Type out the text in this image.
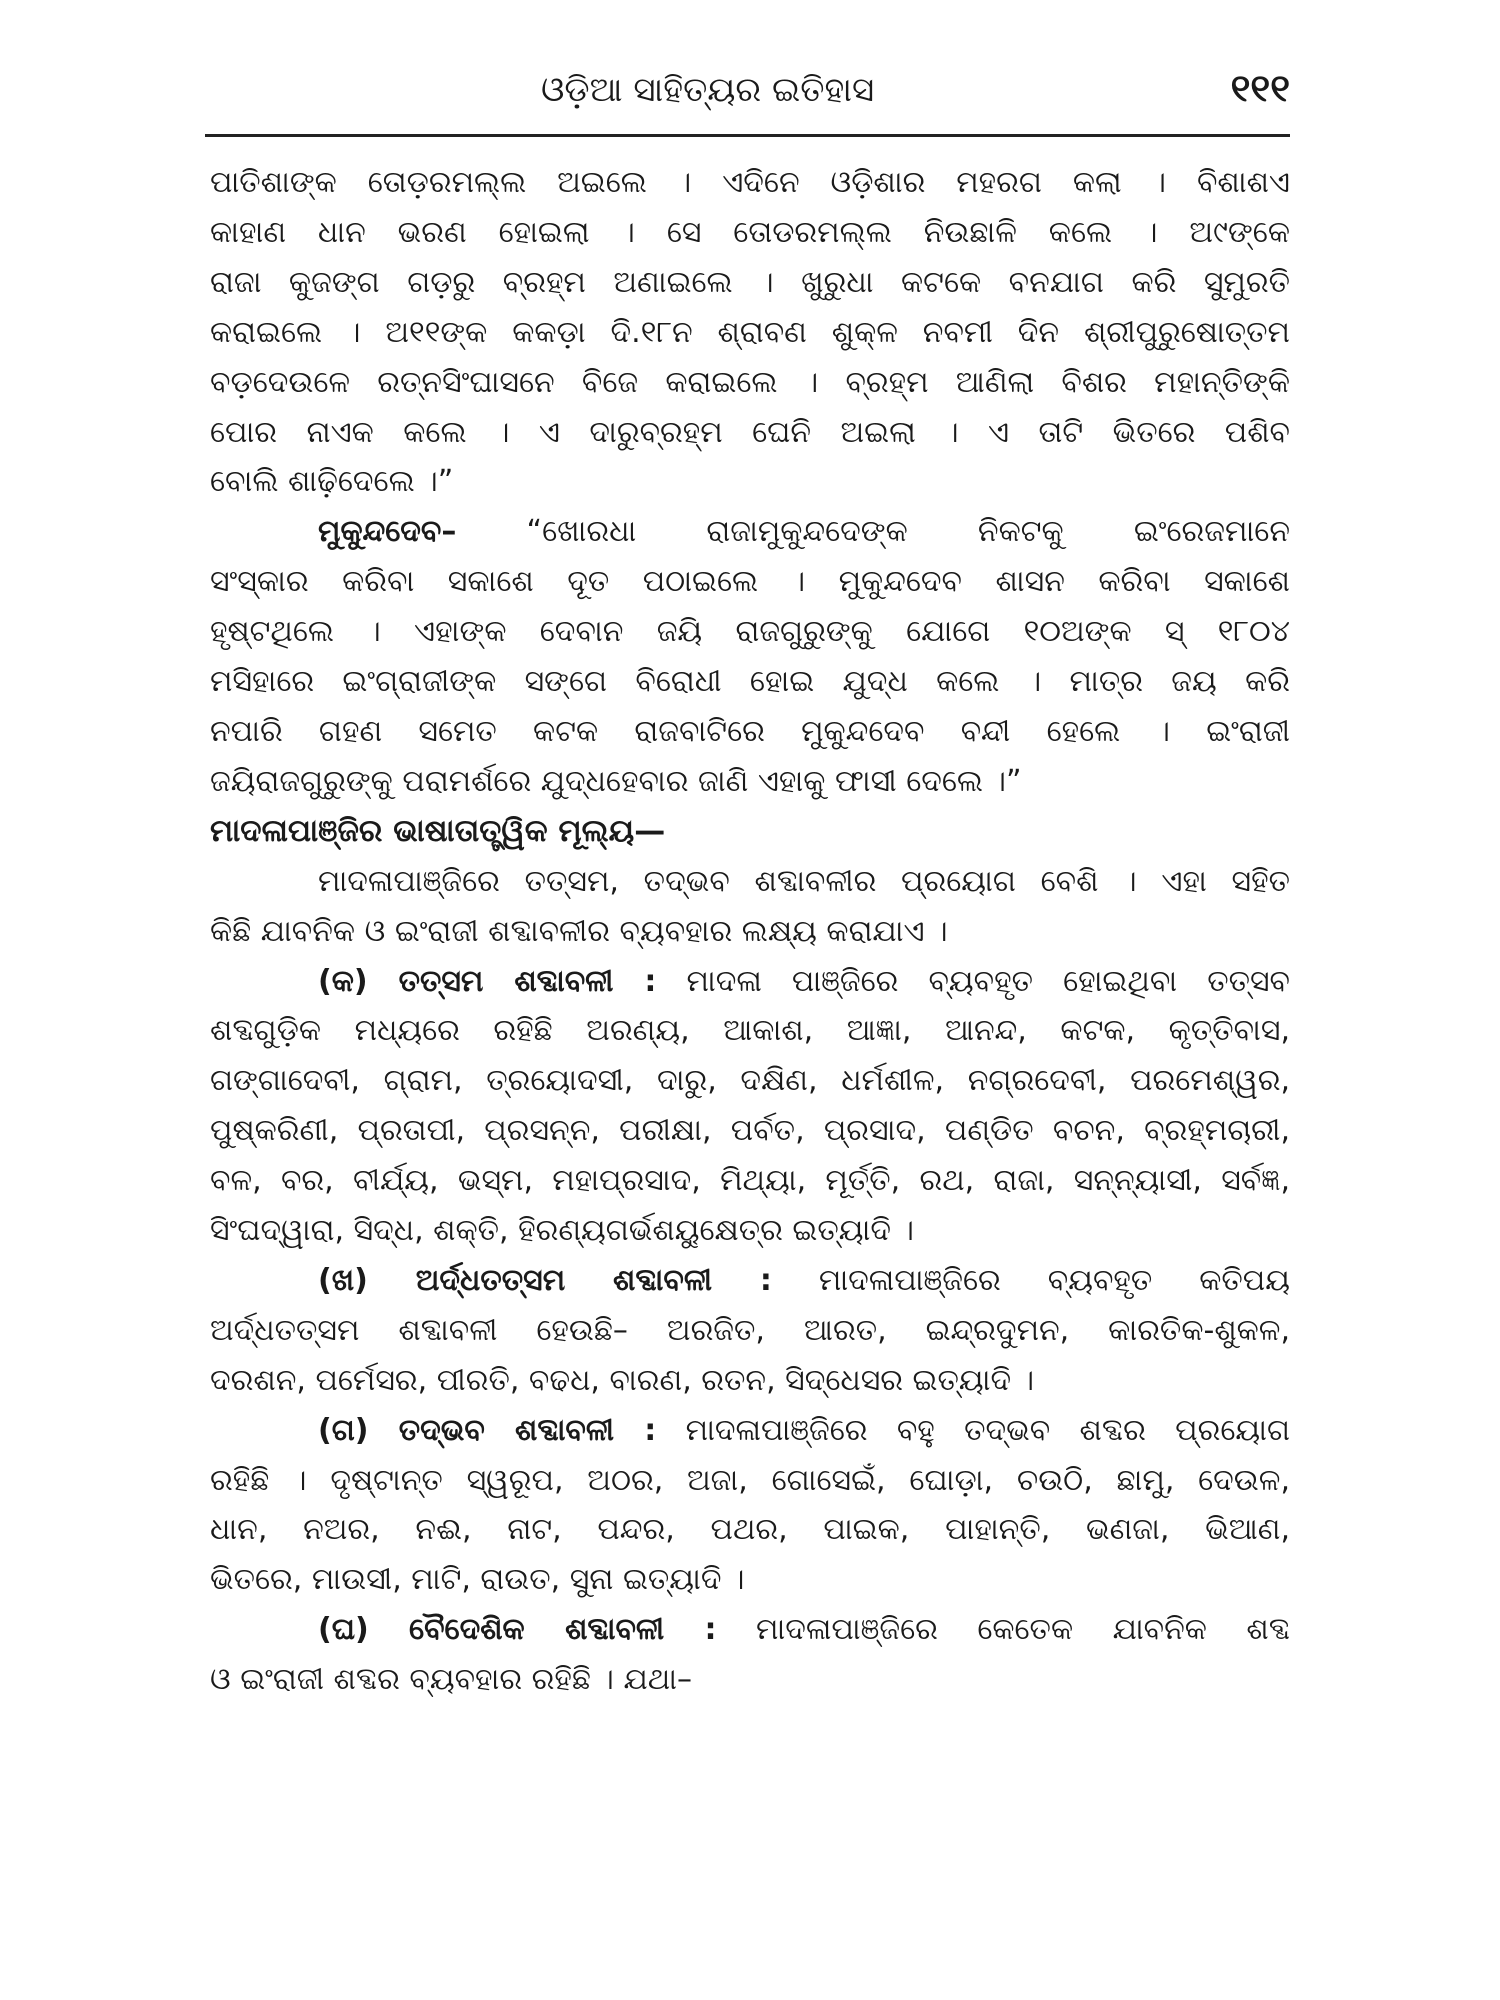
ଓଡ଼ିଆ ସାହିତ୍ୟର ଇତିହାସ	୧୧୧
ପାତିଶାଙ୍କ ତୋଡ଼ରମଲ୍ଲ ଅଇଲେ । ଏଦିନେ ଓଡ଼ିଶାର ମହରଗ କଲା । ବିଶାଶଏ
କାହାଣ ଧାନ ଭରଣ ହୋଇଲା । ସେ ତୋଡରମଲ୍ଲ ନିଉଛାଳି କଲେ । ଅ୯ଙ୍କେ
ରାଜା କୁଜଙ୍ଗ ଗଡ଼ରୁ ବ୍ରହ୍ମ ଅଣାଇଲେ । ଖୁରୁଧା କଟକେ ବନଯାଗ କରି ସୁମୁରତି
କରାଇଲେ । ଅ୧୧ଙ୍କ କକଡ଼ା ଦି.୧୮ନ ଶ୍ରାବଣ ଶୁକ୍ଳ ନବମୀ ଦିନ ଶ୍ରୀପୁରୁଷୋତ୍ତମ
ବଡ଼ଦେଉଳେ ରତ୍ନସିଂଘାସନେ ବିଜେ କରାଇଲେ । ବ୍ରହ୍ମ ଆଣିଲା ବିଶର ମହାନ୍ତିଙ୍କି
ପୋର ନାଏକ କଲେ । ଏ ଦାରୁବ୍ରହ୍ମ ଘେନି ଅଇଲା । ଏ ତାଟି ଭିତରେ ପଶିବ
ବୋଲି ଶାଢ଼ିଦେଲେ ।”
ମୁକୁନ୍ଦଦେବ– “ଖୋରଧା ରାଜାମୁକୁନ୍ଦଦେଙ୍କ ନିକଟକୁ ଇଂରେଜମାନେ
ସଂସ୍କାର କରିବା ସକାଶେ ଦୂତ ପଠାଇଲେ । ମୁକୁନ୍ଦଦେବ ଶାସନ କରିବା ସକାଶେ
ହୃଷ୍ଟଥିଲେ । ଏହାଙ୍କ ଦେବାନ ଜୟି ରାଜଗୁରୁଙ୍କୁ ଯୋଗେ ୧୦ଅଙ୍କ ସ୍ ୧୮୦୪
ମସିହାରେ ଇଂଗ୍ରାଜୀଙ୍କ ସଙ୍ଗେ ବିରୋଧୀ ହୋଇ ଯୁଦ୍ଧ କଲେ । ମାତ୍ର ଜୟ କରି
ନପାରି ଗହଣ ସମେତ କଟକ ରାଜବାଟିରେ ମୁକୁନ୍ଦଦେବ ବନ୍ଦୀ ହେଲେ । ଇଂରାଜୀ
ଜୟିରାଜଗୁରୁଙ୍କୁ ପରାମର୍ଶରେ ଯୁଦ୍ଧହେବାର ଜାଣି ଏହାକୁ ଫାସୀ ଦେଲେ ।”
ମାଦଳାପାଞ୍ଜିର ଭାଷାତାତ୍ତ୍ୱିକ ମୂଲ୍ୟ—
ମାଦଳାପାଞ୍ଜିରେ ତତ୍ସମ, ତଦ୍ଭବ ଶବ୍ଦାବଳୀର ପ୍ରୟୋଗ ବେଶି । ଏହା ସହିତ
କିଛି ଯାବନିକ ଓ ଇଂରାଜୀ ଶବ୍ଦାବଳୀର ବ୍ୟବହାର ଲକ୍ଷ୍ୟ କରାଯାଏ ।
(କ) ତତ୍ସମ ଶବ୍ଦାବଳୀ : ମାଦଳା ପାଞ୍ଜିରେ ବ୍ୟବହୃତ ହୋଇଥିବା ତତ୍ସବ
ଶବ୍ଦଗୁଡ଼ିକ ମଧ୍ୟରେ ରହିଛି ଅରଣ୍ୟ, ଆକାଶ, ଆଜ୍ଞା, ଆନନ୍ଦ, କଟକ, କୃତ୍ତିବାସ,
ଗଙ୍ଗାଦେବୀ, ଗ୍ରାମ, ତ୍ରୟୋଦସୀ, ଦାରୁ, ଦକ୍ଷିଣ, ଧର୍ମଶୀଳ, ନଗ୍ରଦେବୀ, ପରମେଶ୍ୱର,
ପୁଷ୍କରିଣୀ, ପ୍ରତାପୀ, ପ୍ରସନ୍ନ, ପରୀକ୍ଷା, ପର୍ବତ, ପ୍ରସାଦ, ପଣ୍ଡିତ ବଚନ, ବ୍ରହ୍ମଚାରୀ,
ବଳ, ବର, ବୀର୍ଯ୍ୟ, ଭସ୍ମ, ମହାପ୍ରସାଦ, ମିଥ୍ୟା, ମୂର୍ତ୍ତି, ରଥ, ରାଜା, ସନ୍ନ୍ୟାସୀ, ସର୍ବଜ୍ଞ,
ସିଂଘଦ୍ୱାରା, ସିଦ୍ଧ, ଶକ୍ତି, ହିରଣ୍ୟଗର୍ଭଶୟୁକ୍ଷେତ୍ର ଇତ୍ୟାଦି ।
(ଖ) ଅର୍ଦ୍ଧତତ୍ସମ ଶବ୍ଦାବଳୀ : ମାଦଳାପାଞ୍ଜିରେ ବ୍ୟବହୃତ କତିପୟ
ଅର୍ଦ୍ଧତତ୍ସମ ଶବ୍ଦାବଳୀ ହେଉଛି– ଅରଜିତ, ଆରତ, ଇନ୍ଦ୍ରଦୁମନ, କାରତିକ-ଶୁକଳ,
ଦରଶନ, ପର୍ମେସର, ପୀରତି, ବଢଧ, ବାରଣ, ରତନ, ସିଦ୍ଧେସର ଇତ୍ୟାଦି ।
(ଗ) ତଦ୍ଭବ ଶବ୍ଦାବଳୀ : ମାଦଳାପାଞ୍ଜିରେ ବହୁ ତଦ୍ଭବ ଶବ୍ଦର ପ୍ରୟୋଗ
ରହିଛି । ଦୃଷ୍ଟାନ୍ତ ସ୍ୱରୂପ, ଅଠର, ଅଜା, ଗୋସେଇଁ, ଘୋଡ଼ା, ଚଉଠି, ଛାମୁ, ଦେଉଳ,
ଧାନ, ନଅର, ନଈ, ନାଟ, ପନ୍ଦର, ପଥର, ପାଇକ, ପାହାନ୍ତି, ଭଣଜା, ଭିଆଣ,
ଭିତରେ, ମାଉସୀ, ମାଟି, ରାଉତ, ସୁନା ଇତ୍ୟାଦି ।
(ଘ) ବୈଦେଶିକ ଶବ୍ଦାବଳୀ : ମାଦଳାପାଞ୍ଜିରେ କେତେକ ଯାବନିକ ଶବ୍ଦ
ଓ ଇଂରାଜୀ ଶବ୍ଦର ବ୍ୟବହାର ରହିଛି । ଯଥା–
